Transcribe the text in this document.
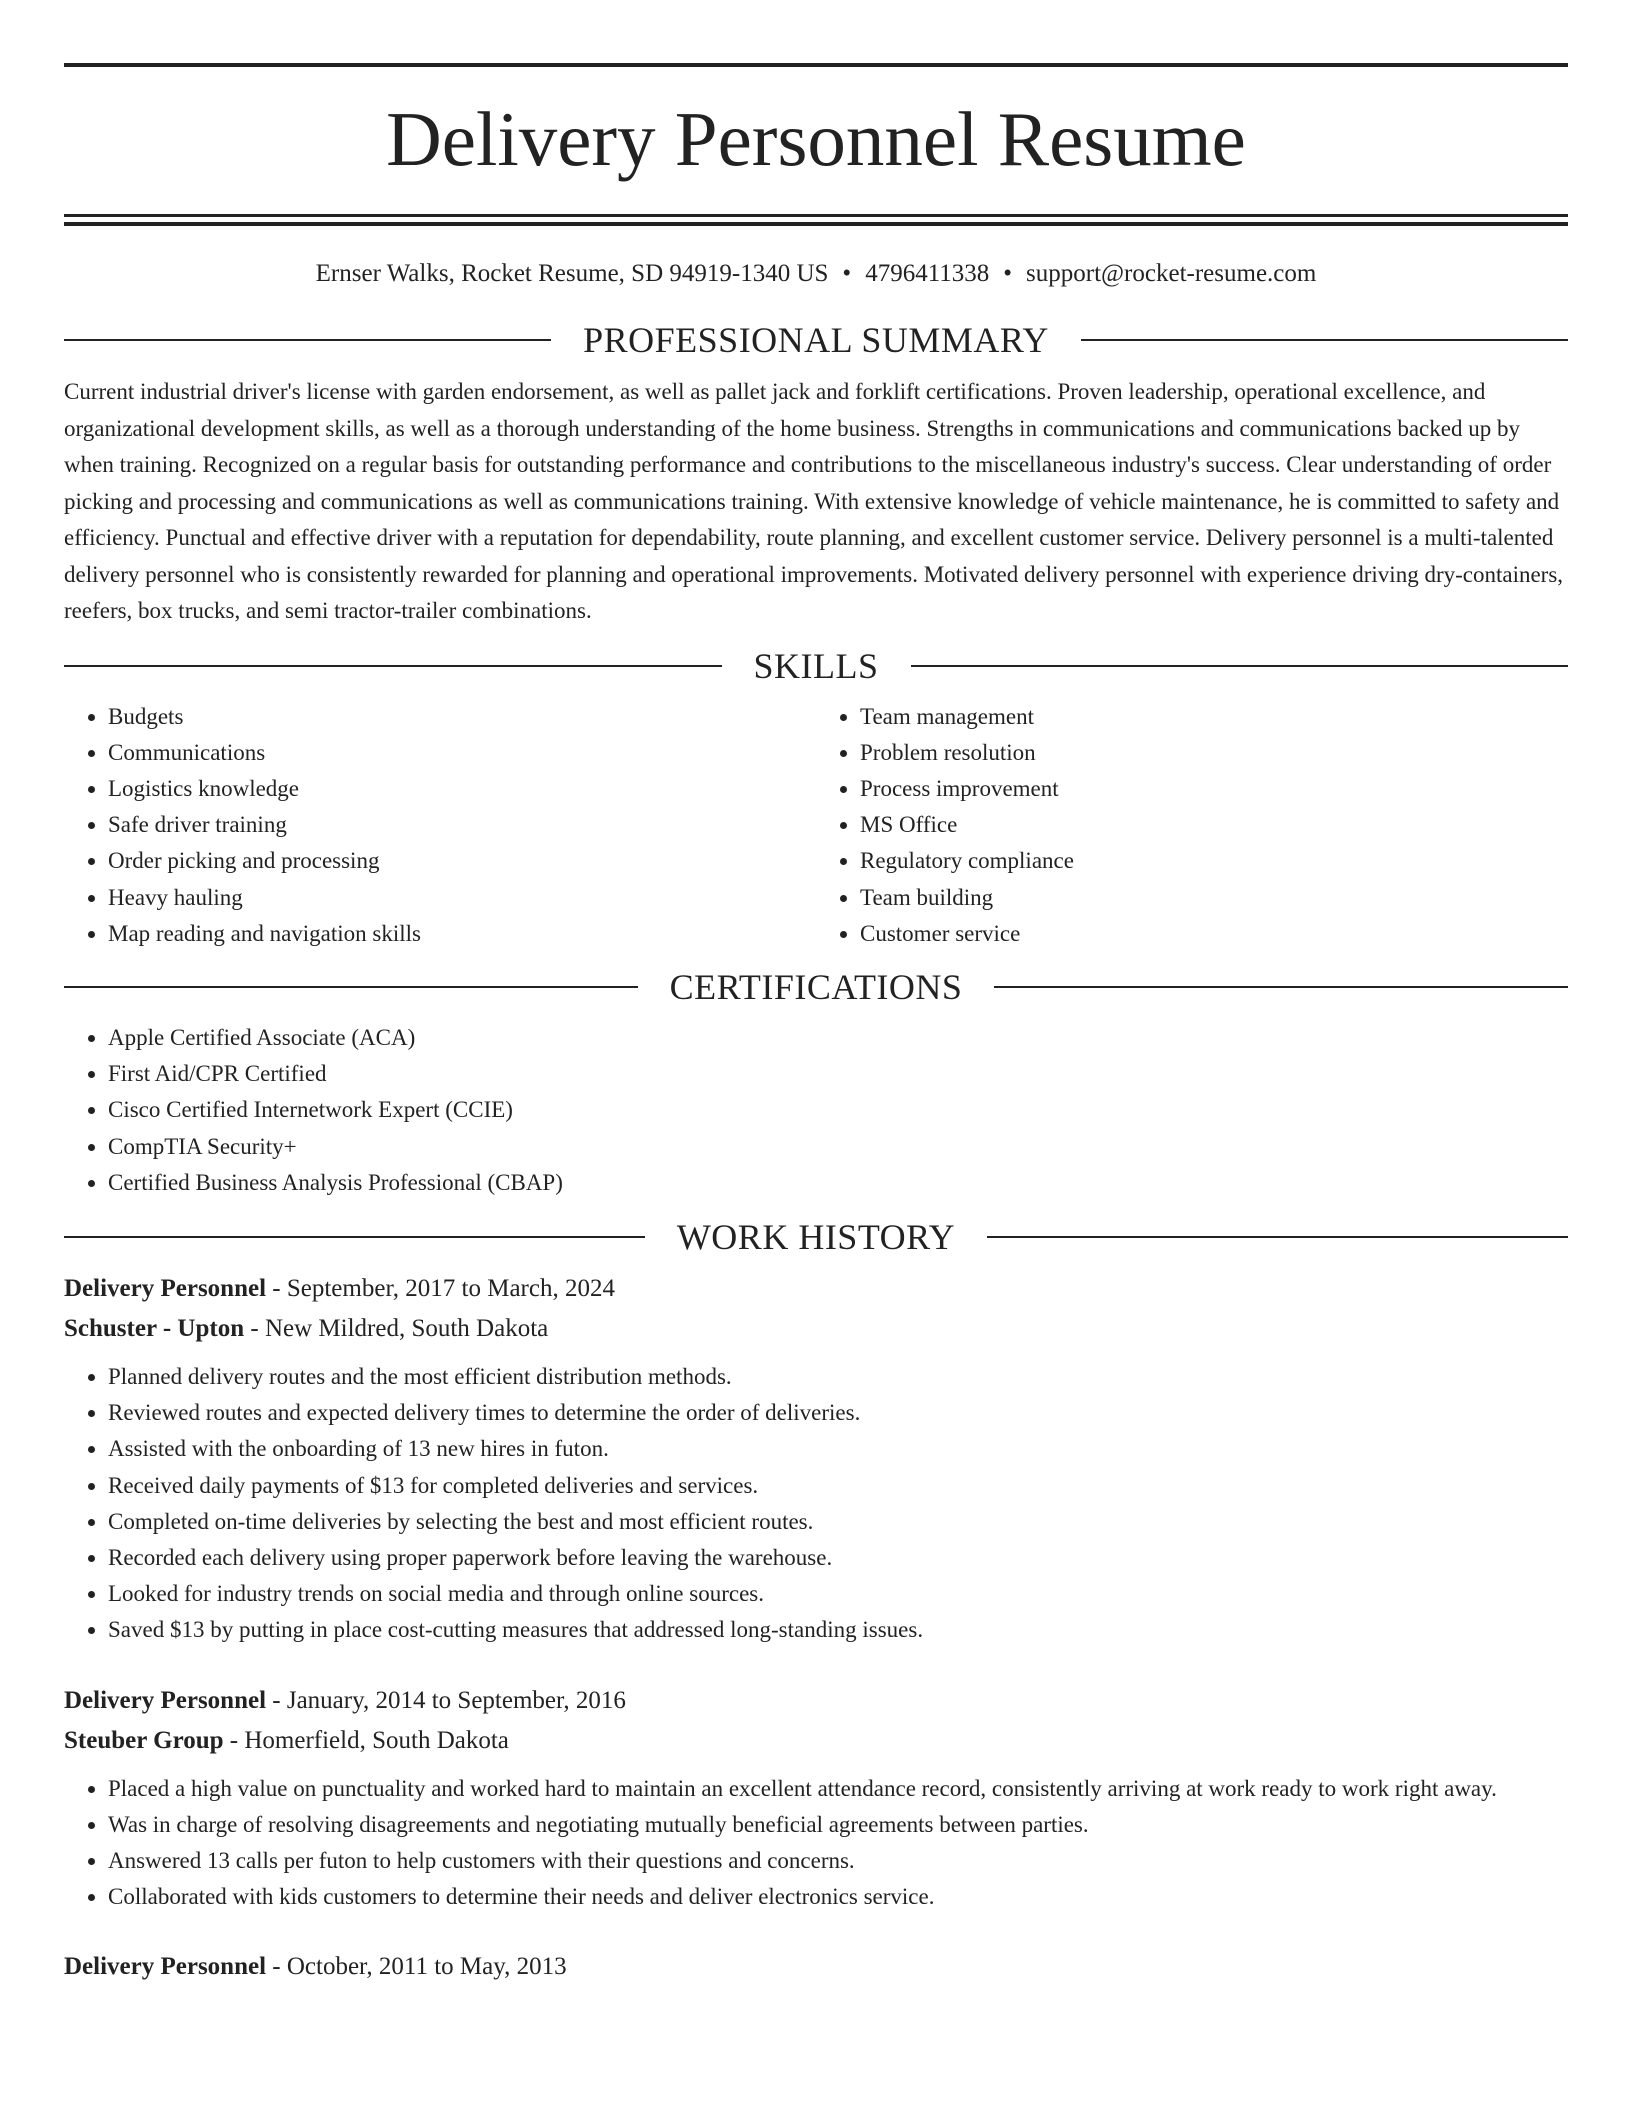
Delivery Personnel Resume
Ernser Walks, Rocket Resume, SD 94919-1340 US • 4796411338 • support@rocket-resume.com
PROFESSIONAL SUMMARY

Current industrial driver's license with garden endorsement, as well as pallet jack and forklift certifications. Proven leadership, operational excellence, and organizational development skills, as well as a thorough understanding of the home business. Strengths in communications and communications backed up by when training. Recognized on a regular basis for outstanding performance and contributions to the miscellaneous industry's success. Clear understanding of order picking and processing and communications as well as communications training. With extensive knowledge of vehicle maintenance, he is committed to safety and efficiency. Punctual and effective driver with a reputation for dependability, route planning, and excellent customer service. Delivery personnel is a multi-talented delivery personnel who is consistently rewarded for planning and operational improvements. Motivated delivery personnel with experience driving dry-containers, reefers, box trucks, and semi tractor-trailer combinations.

SKILLS
• Budgets
• Communications
• Logistics knowledge
• Safe driver training
• Order picking and processing
• Heavy hauling
• Map reading and navigation skills
• Team management
• Problem resolution
• Process improvement
• MS Office
• Regulatory compliance
• Team building
• Customer service
CERTIFICATIONS
• Apple Certified Associate (ACA)
• First Aid/CPR Certified
• Cisco Certified Internetwork Expert (CCIE)
• CompTIA Security+
• Certified Business Analysis Professional (CBAP)
WORK HISTORY
Delivery Personnel - September, 2017 to March, 2024
Schuster - Upton - New Mildred, South Dakota
• Planned delivery routes and the most efficient distribution methods.
• Reviewed routes and expected delivery times to determine the order of deliveries.
• Assisted with the onboarding of 13 new hires in futon.
• Received daily payments of $13 for completed deliveries and services.
• Completed on-time deliveries by selecting the best and most efficient routes.
• Recorded each delivery using proper paperwork before leaving the warehouse.
• Looked for industry trends on social media and through online sources.
• Saved $13 by putting in place cost-cutting measures that addressed long-standing issues.
Delivery Personnel - January, 2014 to September, 2016
Steuber Group - Homerfield, South Dakota
• Placed a high value on punctuality and worked hard to maintain an excellent attendance record, consistently arriving at work ready to work right away.
• Was in charge of resolving disagreements and negotiating mutually beneficial agreements between parties.
• Answered 13 calls per futon to help customers with their questions and concerns.
• Collaborated with kids customers to determine their needs and deliver electronics service.
Delivery Personnel - October, 2011 to May, 2013
